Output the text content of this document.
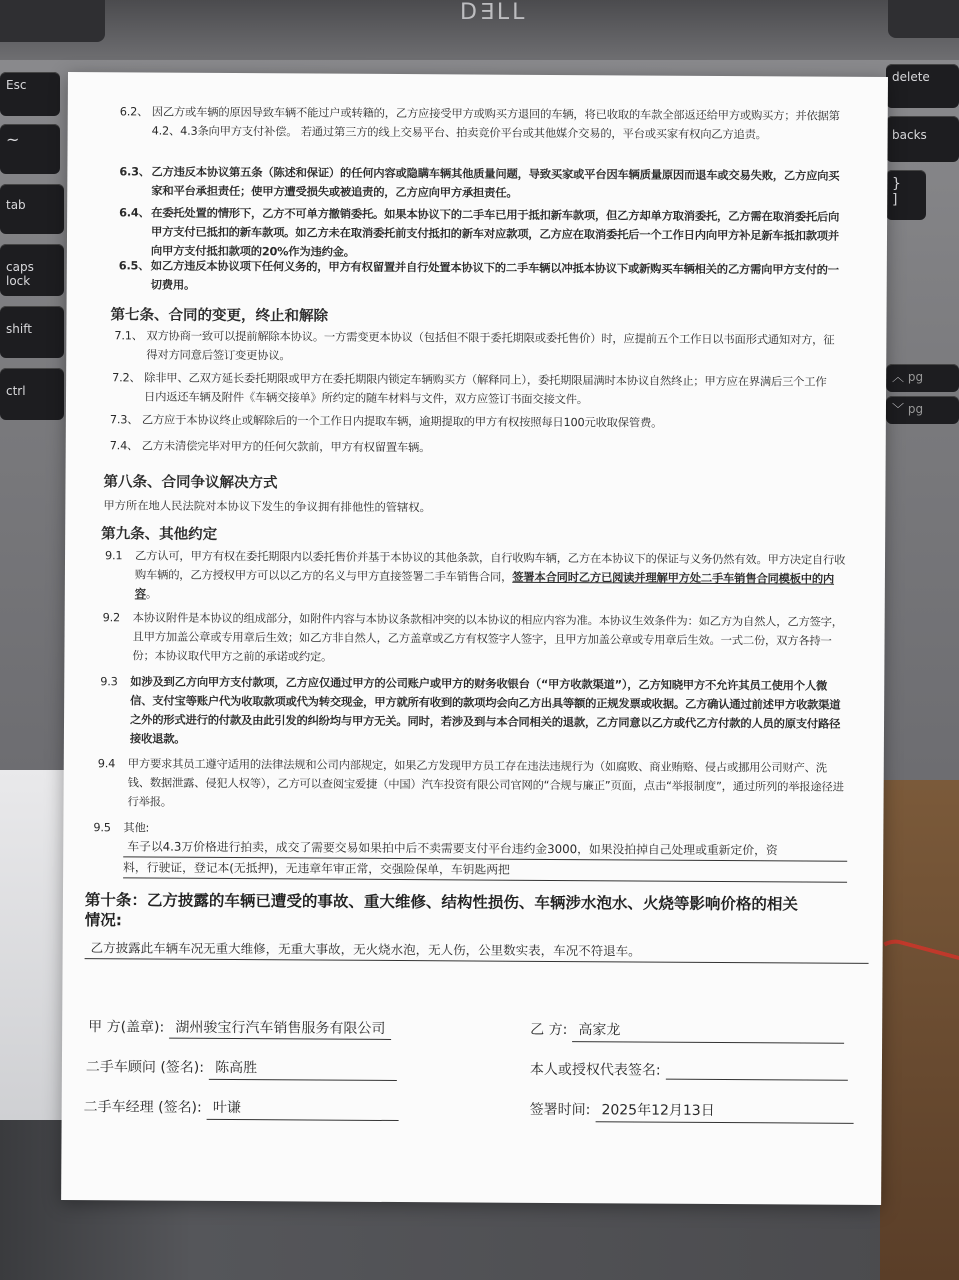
D∃LL
Esc
~
tab
caps lock
shift
ctrl
delete
backs
}
]
︿ pg
﹀ pg
6.2、 因乙方或车辆的原因导致车辆不能过户或转籍的，乙方应接受甲方或购买方退回的车辆，将已收取的车款全部返还给甲方或购买方；并依据第4.2、4.3条向甲方支付补偿。 若通过第三方的线上交易平台、拍卖竞价平台或其他媒介交易的，平台或买家有权向乙方追责。
6.3、 乙方违反本协议第五条（陈述和保证）的任何内容或隐瞒车辆其他质量问题，导致买家或平台因车辆质量原因而退车或交易失败，乙方应向买家和平台承担责任；使甲方遭受损失或被追责的，乙方应向甲方承担责任。
6.4、 在委托处置的情形下，乙方不可单方撤销委托。如果本协议下的二手车已用于抵扣新车款项，但乙方却单方取消委托，乙方需在取消委托后向甲方支付已抵扣的新车款项。如乙方未在取消委托前支付抵扣的新车对应款项，乙方应在取消委托后一个工作日内向甲方补足新车抵扣款项并向甲方支付抵扣款项的20%作为违约金。
6.5、 如乙方违反本协议项下任何义务的，甲方有权留置并自行处置本协议下的二手车辆以冲抵本协议下或新购买车辆相关的乙方需向甲方支付的一切费用。
第七条、合同的变更，终止和解除
7.1、 双方协商一致可以提前解除本协议。一方需变更本协议（包括但不限于委托期限或委托售价）时，应提前五个工作日以书面形式通知对方，征得对方同意后签订变更协议。
7.2、 除非甲、乙双方延长委托期限或甲方在委托期限内锁定车辆购买方（解释同上），委托期限届满时本协议自然终止；甲方应在界满后三个工作日内返还车辆及附件《车辆交接单》所约定的随车材料与文件，双方应签订书面交接文件。
7.3、 乙方应于本协议终止或解除后的一个工作日内提取车辆，逾期提取的甲方有权按照每日100元收取保管费。
7.4、 乙方未清偿完毕对甲方的任何欠款前，甲方有权留置车辆。
第八条、合同争议解决方式
甲方所在地人民法院对本协议下发生的争议拥有排他性的管辖权。
第九条、其他约定
9.1 乙方认可，甲方有权在委托期限内以委托售价并基于本协议的其他条款，自行收购车辆，乙方在本协议下的保证与义务仍然有效。甲方决定自行收购车辆的，乙方授权甲方可以以乙方的名义与甲方直接签署二手车销售合同，签署本合同时乙方已阅读并理解甲方处二手车销售合同模板中的内容。
9.2 本协议附件是本协议的组成部分，如附件内容与本协议条款相冲突的以本协议的相应内容为准。本协议生效条件为：如乙方为自然人，乙方签字，且甲方加盖公章或专用章后生效；如乙方非自然人，乙方盖章或乙方有权签字人签字，且甲方加盖公章或专用章后生效。一式二份，双方各持一份；本协议取代甲方之前的承诺或约定。
9.3 如涉及到乙方向甲方支付款项，乙方应仅通过甲方的公司账户或甲方的财务收银台（“甲方收款渠道”），乙方知晓甲方不允许其员工使用个人微信、支付宝等账户代为收取款项或代为转交现金，甲方就所有收到的款项均会向乙方出具等额的正规发票或收据。乙方确认通过前述甲方收款渠道之外的形式进行的付款及由此引发的纠纷均与甲方无关。同时，若涉及到与本合同相关的退款，乙方同意以乙方或代乙方付款的人员的原支付路径接收退款。
9.4 甲方要求其员工遵守适用的法律法规和公司内部规定，如果乙方发现甲方员工存在违法违规行为（如腐败、商业贿赂、侵占或挪用公司财产、洗钱、数据泄露、侵犯人权等），乙方可以查阅宝爱捷（中国）汽车投资有限公司官网的“合规与廉正”页面，点击“举报制度”，通过所列的举报途径进行举报。
9.5 其他:
车子以4.3万价格进行拍卖，成交了需要交易如果拍中后不卖需要支付平台违约金3000，如果没拍掉自己处理或重新定价，资
料，行驶证，登记本(无抵押)，无违章年审正常，交强险保单，车钥匙两把
第十条：乙方披露的车辆已遭受的事故、重大维修、结构性损伤、车辆涉水泡水、火烧等影响价格的相关
情况:
乙方披露此车辆车况无重大维修，无重大事故，无火烧水泡，无人伤，公里数实表，车况不符退车。
甲 方(盖章): 湖州骏宝行汽车销售服务有限公司	乙 方: 高家龙
二手车顾问 (签名): 陈高胜	本人或授权代表签名:
二手车经理 (签名): 叶谦	签署时间: 2025年12月13日
